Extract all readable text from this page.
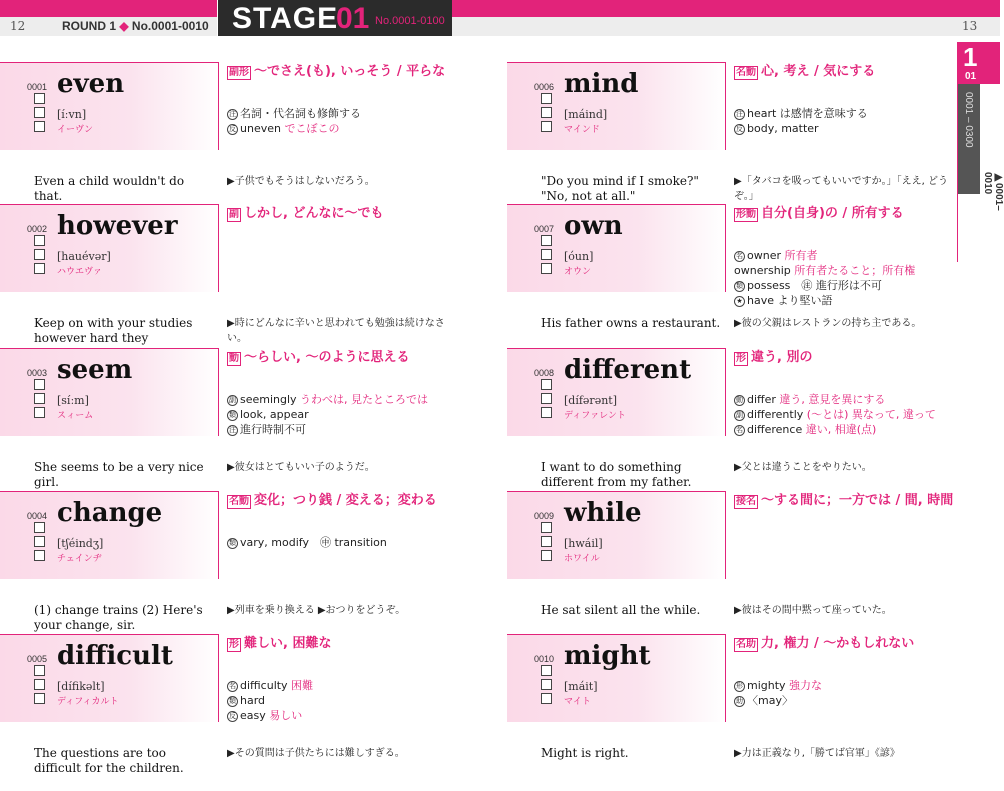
12	13
ROUND 1 ◆ No.0001-0010 STAGE
01 No.0001-0100
1
01
0001 – 0300
▶0001–0010
0001 even
[íːvn]
イーヴン
副形 ～でさえ(も), いっそう / 平らな
注 名詞・代名詞も修飾する
反 uneven でこぼこの
Even a child wouldn't do that.
▶子供でもそうはしないだろう。
0006 mind
[máind]
マインド
名動 心, 考え / 気にする
注 heart は感情を意味する
反 body, matter
"Do you mind if I smoke?" "No, not at all."
▶「タバコを吸ってもいいですか。」「ええ, どうぞ。」
0002 however
[hauévər]
ハウエヴァ
副 しかし, どんなに～でも
Keep on with your studies however hard they
▶時にどんなに辛いと思われても勉強は続けなさい。
0007 own
[óun]
オウン
形動 自分(自身)の / 所有する
名 owner 所有者
ownership 所有者たること；所有権
類 possess　㊟ 進行形は不可
★ have より堅い語
His father owns a restaurant. ▶彼の父親はレストランの持ち主である。
0003 seem
[síːm]
スィーム
動 ～らしい, ～のように思える
副 seemingly うわべは, 見たところでは
類 look, appear
注 進行時制不可
She seems to be a very nice girl.
▶彼女はとてもいい子のようだ。
0008 different
[dífərənt]
ディファレント
形 違う, 別の
動 differ 違う, 意見を異にする
副 differently (～とは) 異なって, 違って
名 difference 違い, 相違(点)
I want to do something different from my father.
▶父とは違うことをやりたい。
0004 change
[tʃéindʒ]
チェインヂ
名動 変化；つり銭 / 変える；変わる
類 vary, modify　㊥ transition
(1) change trains (2) Here's your change, sir.
▶列車を乗り換える ▶おつりをどうぞ。
0009 while
[hwáil]
ホワイル
接名 ～する間に；一方では / 間, 時間
He sat silent all the while.	▶彼はその間中黙って座っていた。
0005 difficult
[dífikəlt]
ディフィカルト
形 難しい, 困難な
名 difficulty 困難
類 hard
反 easy 易しい
The questions are too difficult for the children.
▶その質問は子供たちには難しすぎる。
0010 might
[máit]
マイト
名助 力, 権力 / ～かもしれない
形 mighty 強力な
助 〈may〉
Might is right.	▶力は正義なり,「勝てば官軍」《諺》
